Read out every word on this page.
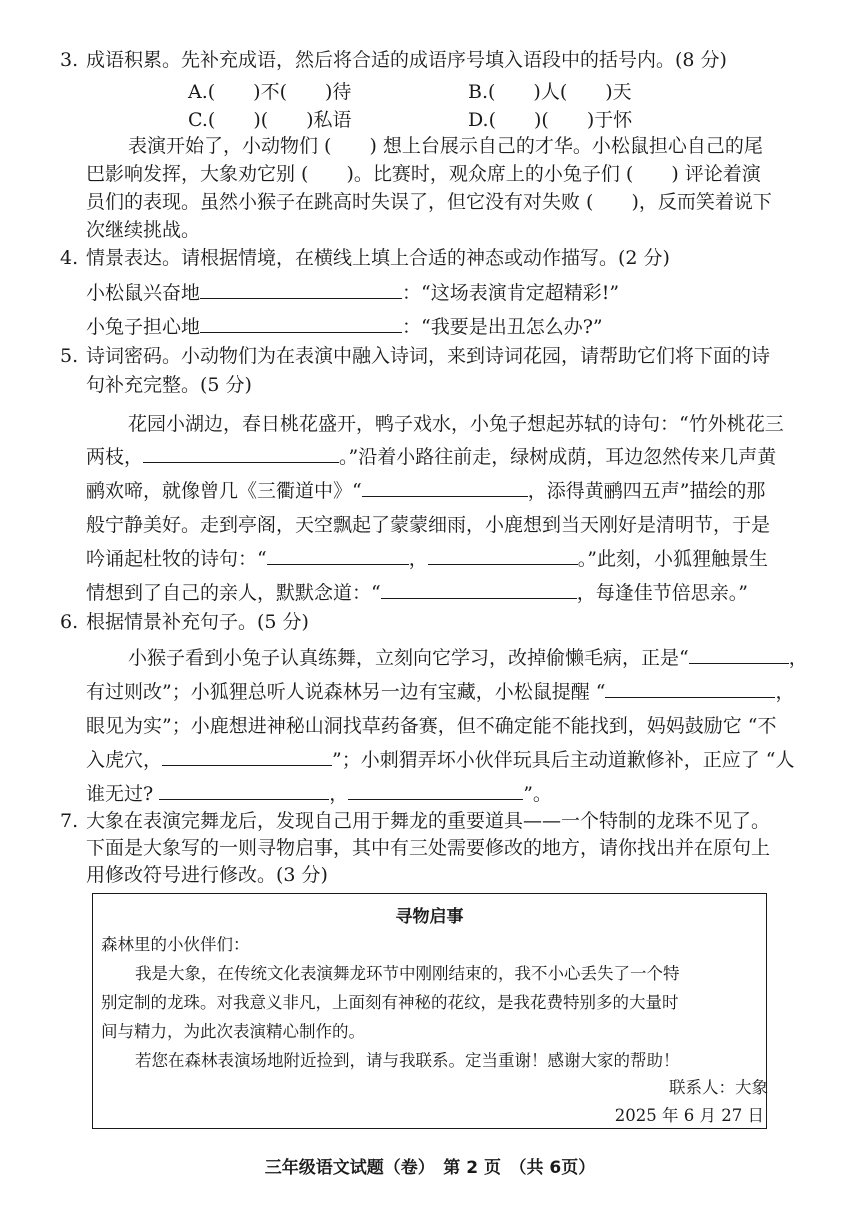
3. 成语积累。先补充成语，然后将合适的成语序号填入语段中的括号内。(8 分)
A.(　　)不(　　)待	B.(　　)人(　　)天
C.(　　)(　　)私语	D.(　　)(　　)于怀
表演开始了，小动物们 (　　) 想上台展示自己的才华。小松鼠担心自己的尾
巴影响发挥，大象劝它别 (　　)。比赛时，观众席上的小兔子们 (　　) 评论着演
员们的表现。虽然小猴子在跳高时失误了，但它没有对失败 (　　)，反而笑着说下
次继续挑战。
4. 情景表达。请根据情境，在横线上填上合适的神态或动作描写。(2 分)
小松鼠兴奋地	：“这场表演肯定超精彩!”
小兔子担心地	：“我要是出丑怎么办?”
5. 诗词密码。小动物们为在表演中融入诗词，来到诗词花园，请帮助它们将下面的诗
句补充完整。(5 分)
花园小湖边，春日桃花盛开，鸭子戏水，小兔子想起苏轼的诗句：“竹外桃花三
两枝，	。”沿着小路往前走，绿树成荫，耳边忽然传来几声黄
鹂欢啼，就像曾几《三衢道中》“	，添得黄鹂四五声”描绘的那
般宁静美好。走到亭阁，天空飘起了蒙蒙细雨，小鹿想到当天刚好是清明节，于是
吟诵起杜牧的诗句：“	，	。”此刻，小狐狸触景生
情想到了自己的亲人，默默念道：“	，每逢佳节倍思亲。”
6. 根据情景补充句子。(5 分)
小猴子看到小兔子认真练舞，立刻向它学习，改掉偷懒毛病，正是“	，
有过则改”；小狐狸总听人说森林另一边有宝藏，小松鼠提醒 “	，
眼见为实”；小鹿想进神秘山洞找草药备赛，但不确定能不能找到，妈妈鼓励它 “不
入虎穴，	”；小刺猬弄坏小伙伴玩具后主动道歉修补，正应了 “人
谁无过?	，	”。
7. 大象在表演完舞龙后，发现自己用于舞龙的重要道具——一个特制的龙珠不见了。
下面是大象写的一则寻物启事，其中有三处需要修改的地方，请你找出并在原句上
用修改符号进行修改。(3 分)
寻物启事
森林里的小伙伴们：
我是大象，在传统文化表演舞龙环节中刚刚结束的，我不小心丢失了一个特
别定制的龙珠。对我意义非凡，上面刻有神秘的花纹，是我花费特别多的大量时
间与精力，为此次表演精心制作的。
若您在森林表演场地附近捡到，请与我联系。定当重谢！感谢大家的帮助！
联系人：大象
2025 年 6 月 27 日
三年级语文试题（卷）　第 2 页　（共 6页）
